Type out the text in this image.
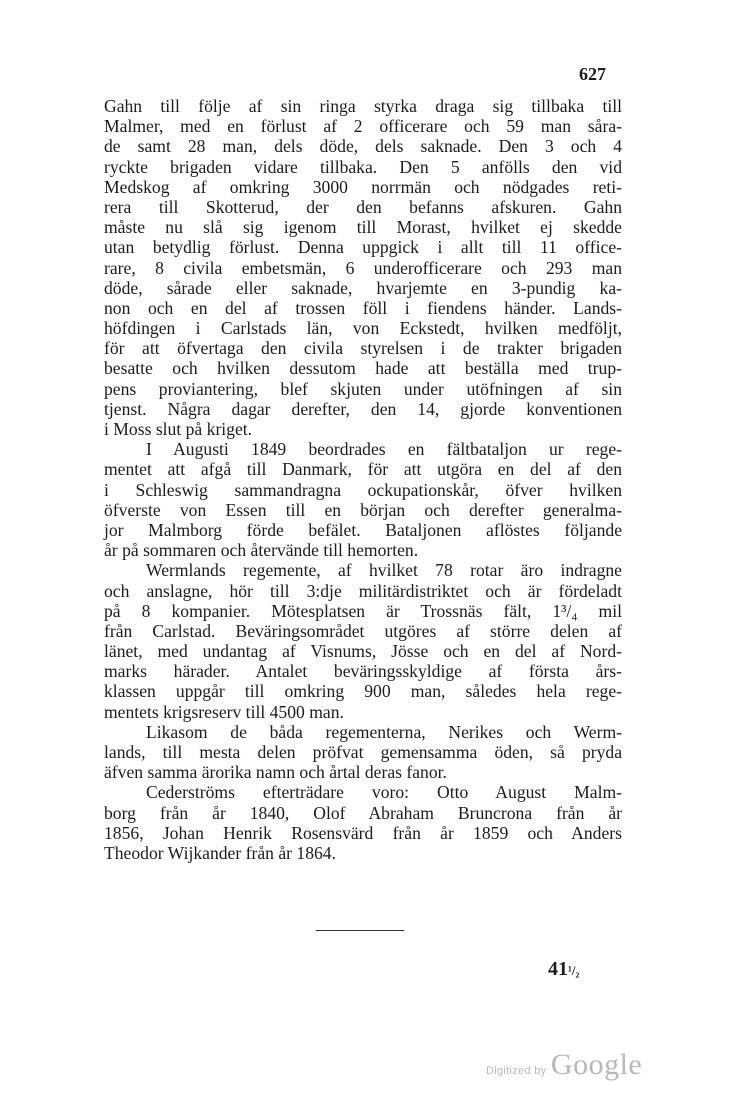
627
Gahn till följe af sin ringa styrka draga sig tillbaka till
Malmer, med en förlust af 2 officerare och 59 man såra-
de samt 28 man, dels döde, dels saknade. Den 3 och 4
ryckte brigaden vidare tillbaka. Den 5 anfölls den vid
Medskog af omkring 3000 norrmän och nödgades reti-
rera till Skotterud, der den befanns afskuren. Gahn
måste nu slå sig igenom till Morast, hvilket ej skedde
utan betydlig förlust. Denna uppgick i allt till 11 office-
rare, 8 civila embetsmän, 6 underofficerare och 293 man
döde, sårade eller saknade, hvarjemte en 3-pundig ka-
non och en del af trossen föll i fiendens händer. Lands-
höfdingen i Carlstads län, von Eckstedt, hvilken medföljt,
för att öfvertaga den civila styrelsen i de trakter brigaden
besatte och hvilken dessutom hade att beställa med trup-
pens proviantering, blef skjuten under utöfningen af sin
tjenst. Några dagar derefter, den 14, gjorde konventionen
i Moss slut på kriget.
I Augusti 1849 beordrades en fältbataljon ur rege-
mentet att afgå till Danmark, för att utgöra en del af den
i Schleswig sammandragna ockupationskår, öfver hvilken
öfverste von Essen till en början och derefter generalma-
jor Malmborg förde befälet. Bataljonen aflöstes följande
år på sommaren och återvände till hemorten.
Wermlands regemente, af hvilket 78 rotar äro indragne
och anslagne, hör till 3:dje militärdistriktet och är fördeladt
på 8 kompanier. Mötesplatsen är Trossnäs fält, 1³/₄ mil
från Carlstad. Beväringsområdet utgöres af större delen af
länet, med undantag af Visnums, Jösse och en del af Nord-
marks härader. Antalet beväringsskyldige af första års-
klassen uppgår till omkring 900 man, således hela rege-
mentets krigsreserv till 4500 man.
Likasom de båda regementerna, Nerikes och Werm-
lands, till mesta delen pröfvat gemensamma öden, så pryda
äfven samma ärorika namn och årtal deras fanor.
Cederströms efterträdare voro: Otto August Malm-
borg från år 1840, Olof Abraham Bruncrona från år
1856, Johan Henrik Rosensvärd från år 1859 och Anders
Theodor Wijkander från år 1864.
41¹/₂
Digitized by Google
